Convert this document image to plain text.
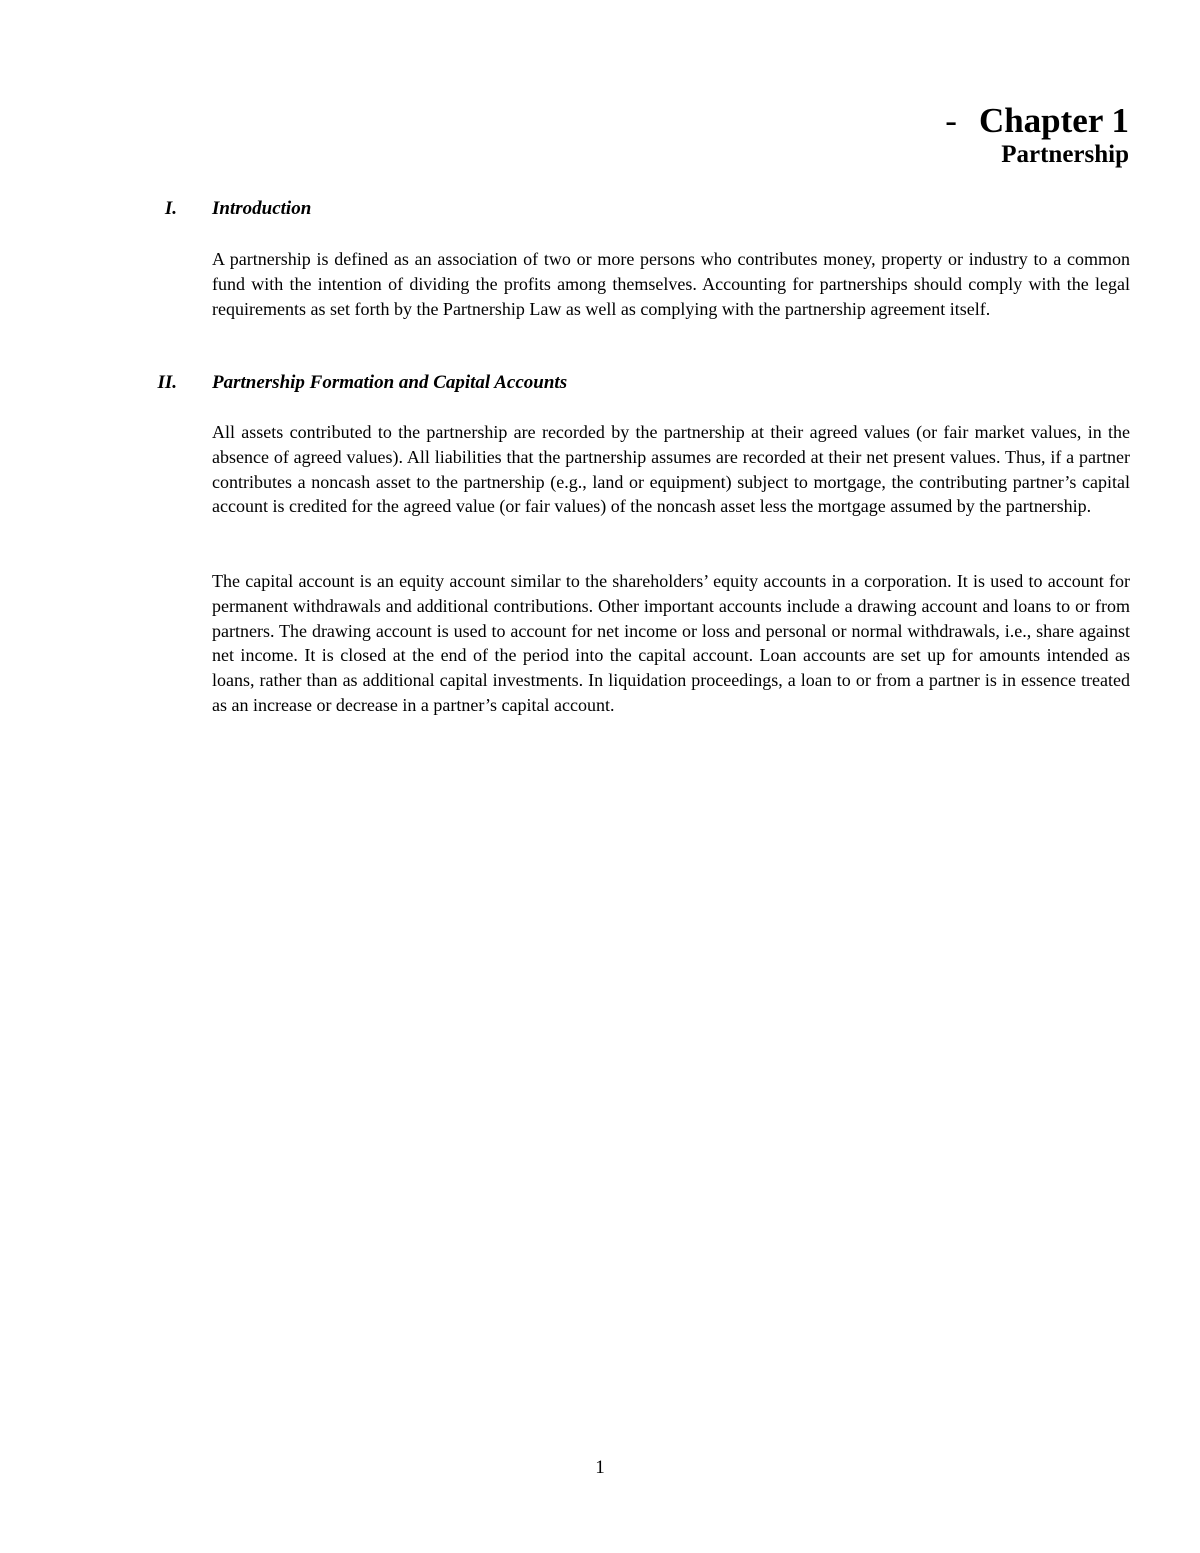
- Chapter 1
Partnership
I. Introduction

A partnership is defined as an association of two or more persons who contributes money, property or industry to a common fund with the intention of dividing the profits among themselves. Accounting for partnerships should comply with the legal requirements as set forth by the Partnership Law as well as complying with the partnership agreement itself.

II. Partnership Formation and Capital Accounts

All assets contributed to the partnership are recorded by the partnership at their agreed values (or fair market values, in the absence of agreed values). All liabilities that the partnership assumes are recorded at their net present values. Thus, if a partner contributes a noncash asset to the partnership (e.g., land or equipment) subject to mortgage, the contributing partner’s capital account is credited for the agreed value (or fair values) of the noncash asset less the mortgage assumed by the partnership.

The capital account is an equity account similar to the shareholders’ equity accounts in a corporation. It is used to account for permanent withdrawals and additional contributions. Other important accounts include a drawing account and loans to or from partners. The drawing account is used to account for net income or loss and personal or normal withdrawals, i.e., share against net income. It is closed at the end of the period into the capital account. Loan accounts are set up for amounts intended as loans, rather than as additional capital investments. In liquidation proceedings, a loan to or from a partner is in essence treated as an increase or decrease in a partner’s capital account.

1
